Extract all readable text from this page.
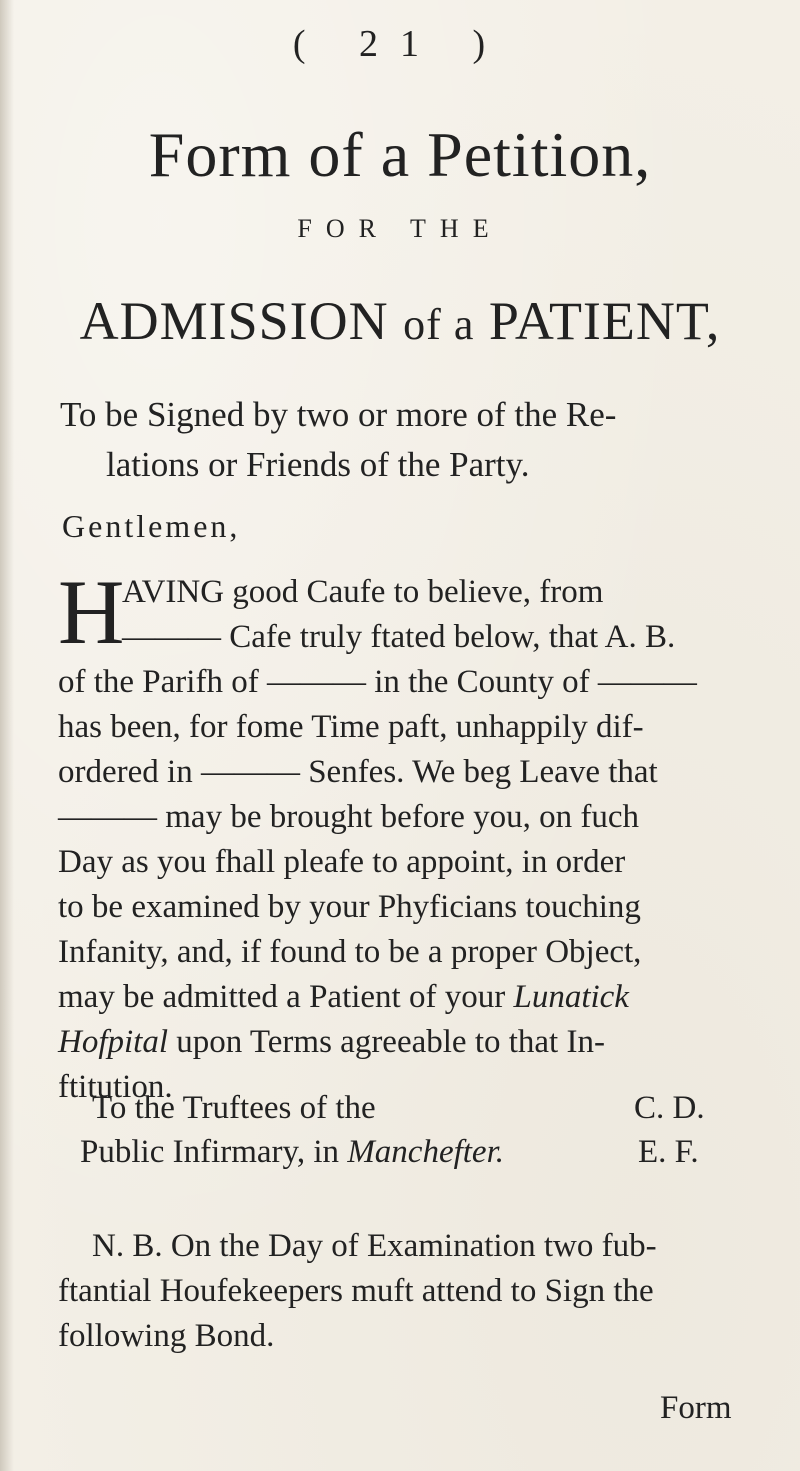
( 21 )
Form of a Petition,
FOR THE
ADMISSION of a PATIENT,
To be Signed by two or more of the Re-
lations or Friends of the Party.
Gentlemen,
H
AVING good Caufe to believe, from
——— Cafe truly ftated below, that A. B.
of the Parifh of ——— in the County of ———
has been, for fome Time paft, unhappily dif-
ordered in ——— Senfes. We beg Leave that
——— may be brought before you, on fuch
Day as you fhall pleafe to appoint, in order
to be examined by your Phyficians touching
Infanity, and, if found to be a proper Object,
may be admitted a Patient of your Lunatick
Hofpital upon Terms agreeable to that In-
ftitution.
To the Truftees of the
Public Infirmary, in Manchefter.
C. D.
E. F.
N. B. On the Day of Examination two fub-
ftantial Houfekeepers muft attend to Sign the
following Bond.
Form
